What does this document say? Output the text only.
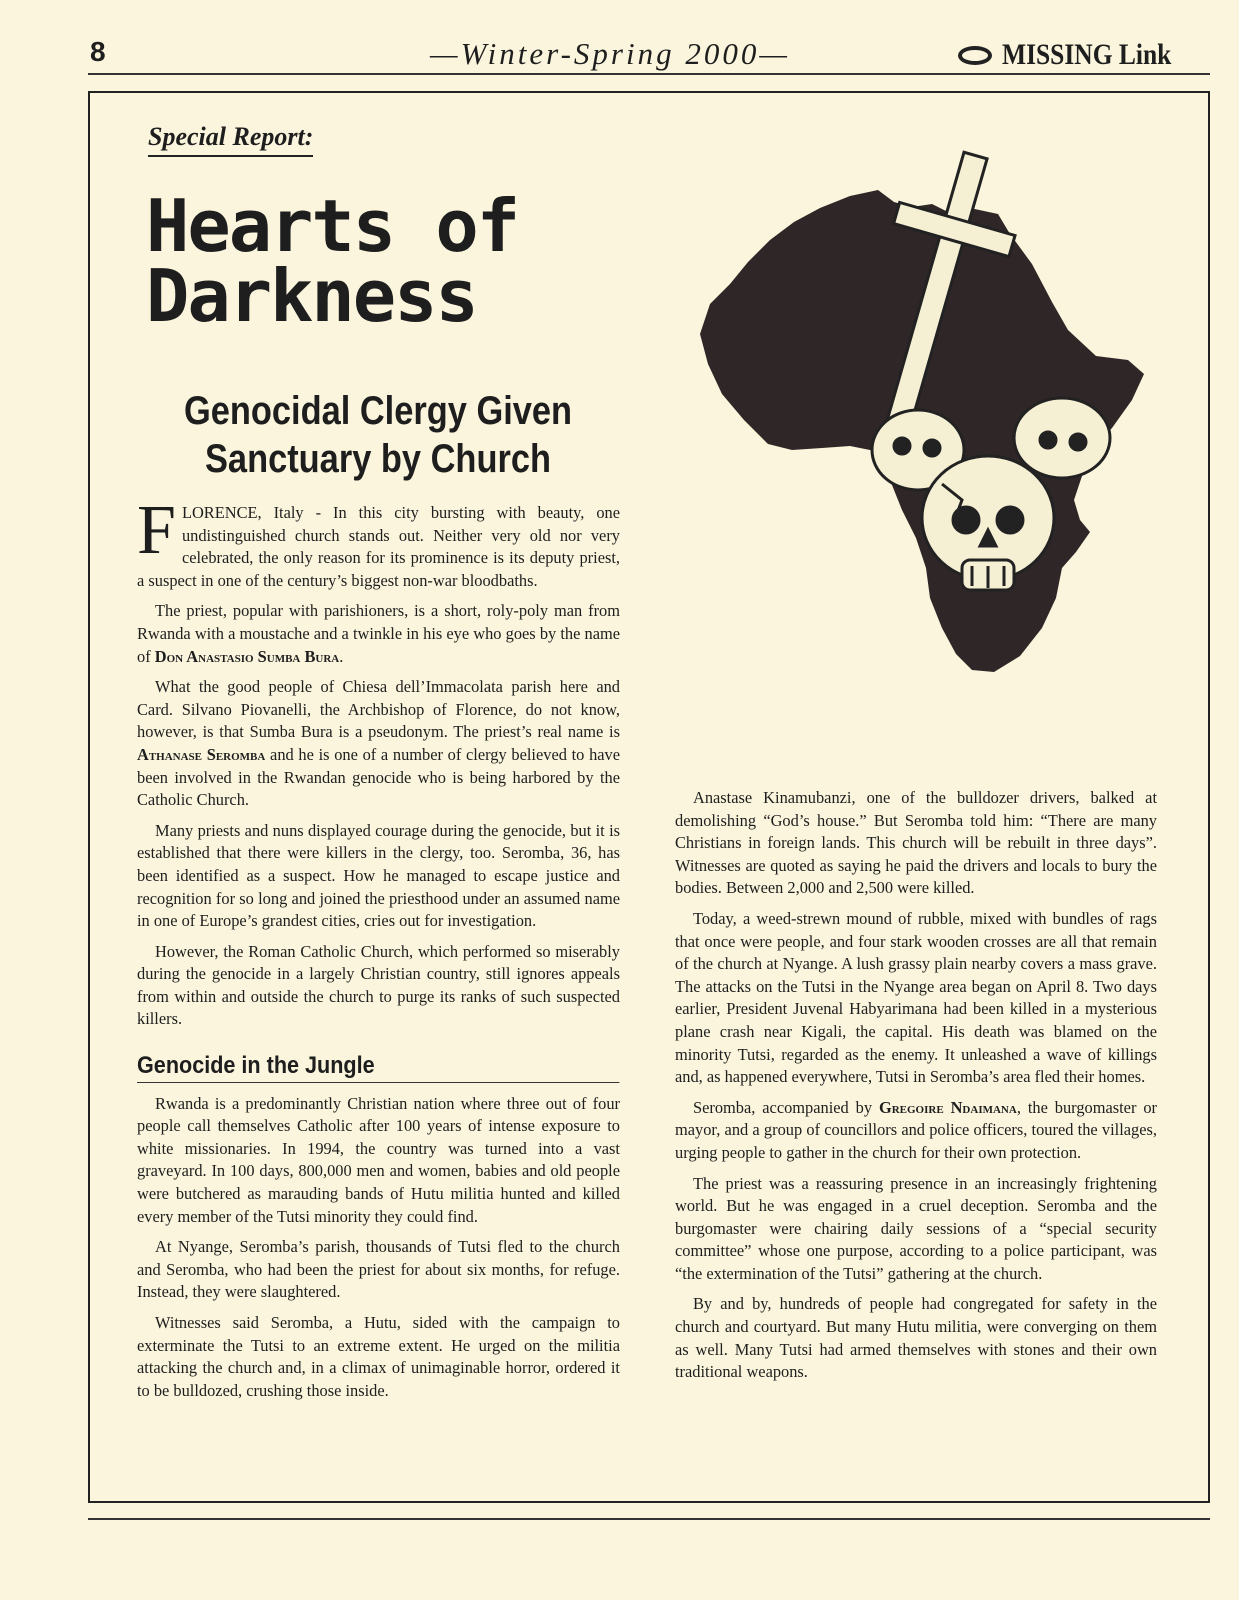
8	—Winter-Spring 2000—	MISSING Link
Special Report:
Hearts of
Darkness
Genocidal Clergy Given
Sanctuary by Church

FLORENCE, Italy - In this city bursting with beauty, one undistinguished church stands out. Neither very old nor very celebrated, the only reason for its prominence is its deputy priest, a suspect in one of the century’s biggest non-war bloodbaths.

The priest, popular with parishioners, is a short, roly-poly man from Rwanda with a moustache and a twinkle in his eye who goes by the name of Don Anastasio Sumba Bura.

What the good people of Chiesa dell’Immacolata parish here and Card. Silvano Piovanelli, the Archbishop of Florence, do not know, however, is that Sumba Bura is a pseudonym. The priest’s real name is Athanase Seromba and he is one of a number of clergy believed to have been involved in the Rwandan genocide who is being harbored by the Catholic Church.

Many priests and nuns displayed courage during the genocide, but it is established that there were killers in the clergy, too. Seromba, 36, has been identified as a suspect. How he managed to escape justice and recognition for so long and joined the priesthood under an assumed name in one of Europe’s grandest cities, cries out for investigation.

However, the Roman Catholic Church, which performed so miserably during the genocide in a largely Christian country, still ignores appeals from within and outside the church to purge its ranks of such suspected killers.

Genocide in the Jungle

Rwanda is a predominantly Christian nation where three out of four people call themselves Catholic after 100 years of intense exposure to white missionaries. In 1994, the country was turned into a vast graveyard. In 100 days, 800,000 men and women, babies and old people were butchered as marauding bands of Hutu militia hunted and killed every member of the Tutsi minority they could find.

At Nyange, Seromba’s parish, thousands of Tutsi fled to the church and Seromba, who had been the priest for about six months, for refuge. Instead, they were slaughtered.

Witnesses said Seromba, a Hutu, sided with the campaign to exterminate the Tutsi to an extreme extent. He urged on the militia attacking the church and, in a climax of unimaginable horror, ordered it to be bulldozed, crushing those inside.

Anastase Kinamubanzi, one of the bulldozer drivers, balked at demolishing “God’s house.” But Seromba told him: “There are many Christians in foreign lands. This church will be rebuilt in three days”. Witnesses are quoted as saying he paid the drivers and locals to bury the bodies. Between 2,000 and 2,500 were killed.

Today, a weed-strewn mound of rubble, mixed with bundles of rags that once were people, and four stark wooden crosses are all that remain of the church at Nyange. A lush grassy plain nearby covers a mass grave. The attacks on the Tutsi in the Nyange area began on April 8. Two days earlier, President Juvenal Habyarimana had been killed in a mysterious plane crash near Kigali, the capital. His death was blamed on the minority Tutsi, regarded as the enemy. It unleashed a wave of killings and, as happened everywhere, Tutsi in Seromba’s area fled their homes.

Seromba, accompanied by Gregoire Ndaimana, the burgomaster or mayor, and a group of councillors and police officers, toured the villages, urging people to gather in the church for their own protection.

The priest was a reassuring presence in an increasingly frightening world. But he was engaged in a cruel deception. Seromba and the burgomaster were chairing daily sessions of a “special security committee” whose one purpose, according to a police participant, was “the extermination of the Tutsi” gathering at the church.

By and by, hundreds of people had congregated for safety in the church and courtyard. But many Hutu militia, were converging on them as well. Many Tutsi had armed themselves with stones and their own traditional weapons.
